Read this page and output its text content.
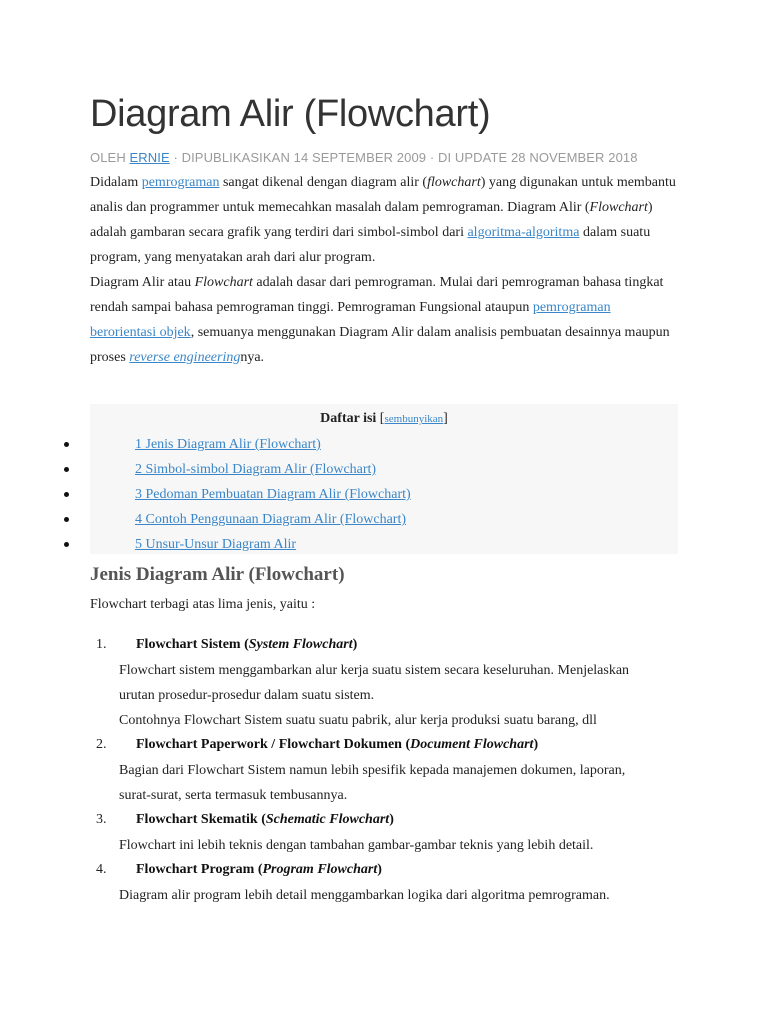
Diagram Alir (Flowchart)
OLEH ERNIE · DIPUBLIKASIKAN 14 SEPTEMBER 2009 · DI UPDATE 28 NOVEMBER 2018

Didalam pemrograman sangat dikenal dengan diagram alir (flowchart) yang digunakan untuk membantu analis dan programmer untuk memecahkan masalah dalam pemrograman. Diagram Alir (Flowchart) adalah gambaran secara grafik yang terdiri dari simbol-simbol dari algoritma-algoritma dalam suatu program, yang menyatakan arah dari alur program.

Diagram Alir atau Flowchart adalah dasar dari pemrograman. Mulai dari pemrograman bahasa tingkat rendah sampai bahasa pemrograman tinggi. Pemrograman Fungsional ataupun pemrograman berorientasi objek, semuanya menggunakan Diagram Alir dalam analisis pembuatan desainnya maupun proses reverse engineeringnya.

Daftar isi [sembunyikan]
1 Jenis Diagram Alir (Flowchart)
2 Simbol-simbol Diagram Alir (Flowchart)
3 Pedoman Pembuatan Diagram Alir (Flowchart)
4 Contoh Penggunaan Diagram Alir (Flowchart)
5 Unsur-Unsur Diagram Alir
Jenis Diagram Alir (Flowchart)
Flowchart terbagi atas lima jenis, yaitu :
1. Flowchart Sistem (System Flowchart)
Flowchart sistem menggambarkan alur kerja suatu sistem secara keseluruhan. Menjelaskan
urutan prosedur-prosedur dalam suatu sistem.
Contohnya Flowchart Sistem suatu suatu pabrik, alur kerja produksi suatu barang, dll
2. Flowchart Paperwork / Flowchart Dokumen (Document Flowchart)
Bagian dari Flowchart Sistem namun lebih spesifik kepada manajemen dokumen, laporan,
surat-surat, serta termasuk tembusannya.
3. Flowchart Skematik (Schematic Flowchart)
Flowchart ini lebih teknis dengan tambahan gambar-gambar teknis yang lebih detail.
4. Flowchart Program (Program Flowchart)
Diagram alir program lebih detail menggambarkan logika dari algoritma pemrograman.
